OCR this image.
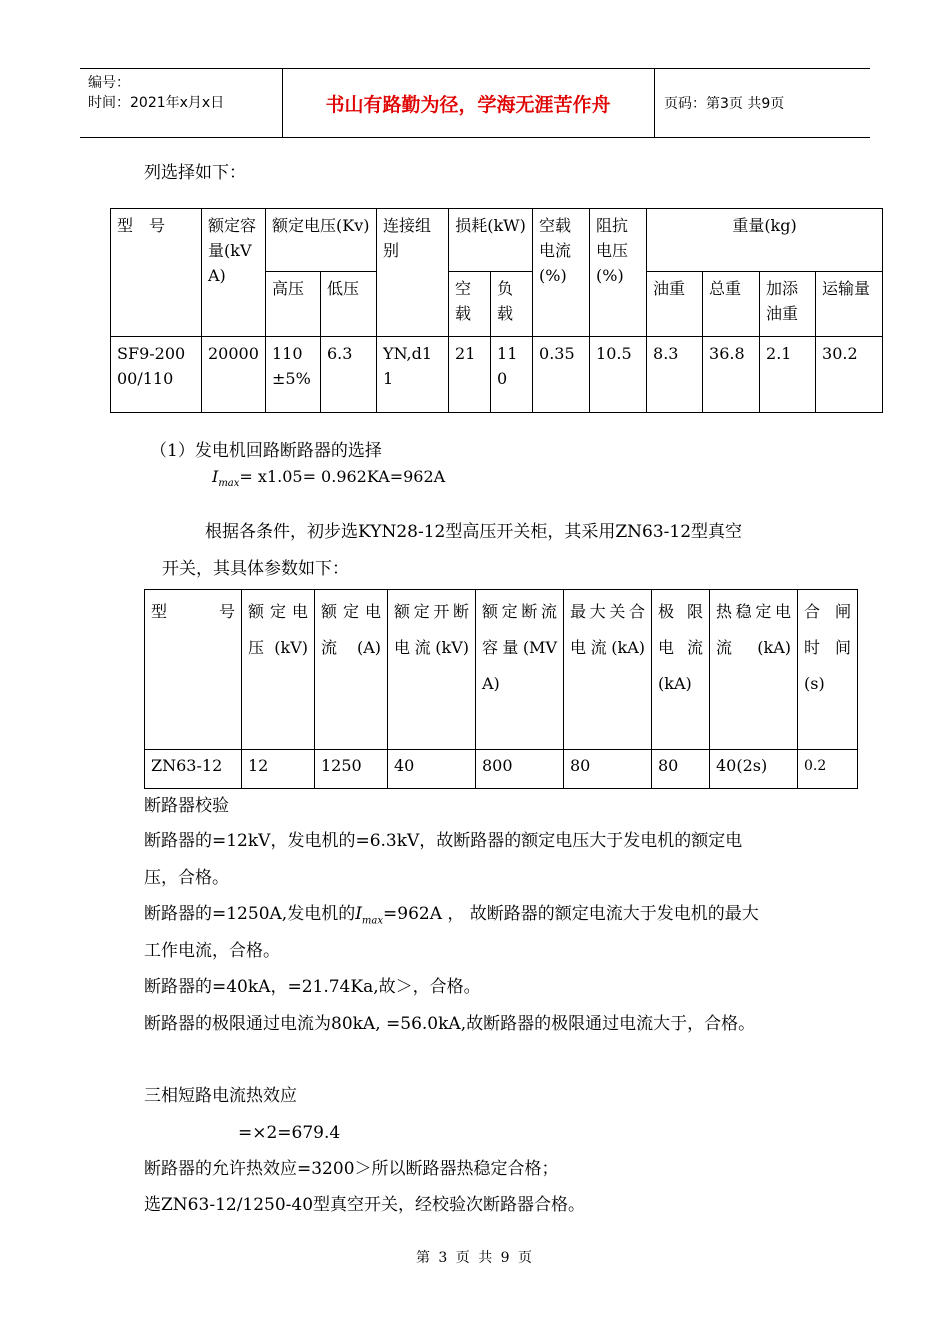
编号：
时间：2021年x月x日	书山有路勤为径，学海无涯苦作舟	页码：第3页 共9页
列选择如下：
型　号	额定容量(kVA)	额定电压(Kv)		连接组别	损耗(kW)		空载电流(%)	阻抗电压(%)	重量(kg)			
		高压	低压		空载	负载			油重	总重	加添油重	运输量
SF9-20000/110	20000	110±5%	6.3	YN,d11	21	110	0.35	10.5	8.3	36.8	2.1	30.2
（1）发电机回路断路器的选择
$I_{max}= x1.05= 0.962KA=962A$
根据各条件，初步选KYN28-12型高压开关柜，其采用ZN63-12型真空
开关，其具体参数如下：
型　号	额定电压(kV)	额定电流(A)	额定开断电流(kV)	额定断流容量(MVA)	最大关合电流(kA)	极限电流(kA)	热稳定电流(kA)	合闸时间(s)

ZN63-12	12	1250	40	800	80	80	40(2s)	0.2
断路器校验
断路器的=12kV，发电机的=6.3kV，故断路器的额定电压大于发电机的额定电
压，合格。
断路器的=1250A,发电机的$I_{max}=962A$ ， 故断路器的额定电流大于发电机的最大
工作电流，合格。
断路器的=40kA，=21.74Ka,故＞，合格。
断路器的极限通过电流为80kA, =56.0kA,故断路器的极限通过电流大于，合格。
三相短路电流热效应
=×2=679.4
断路器的允许热效应=3200＞所以断路器热稳定合格；
选ZN63-12/1250-40型真空开关，经校验次断路器合格。
第 3 页 共 9 页
